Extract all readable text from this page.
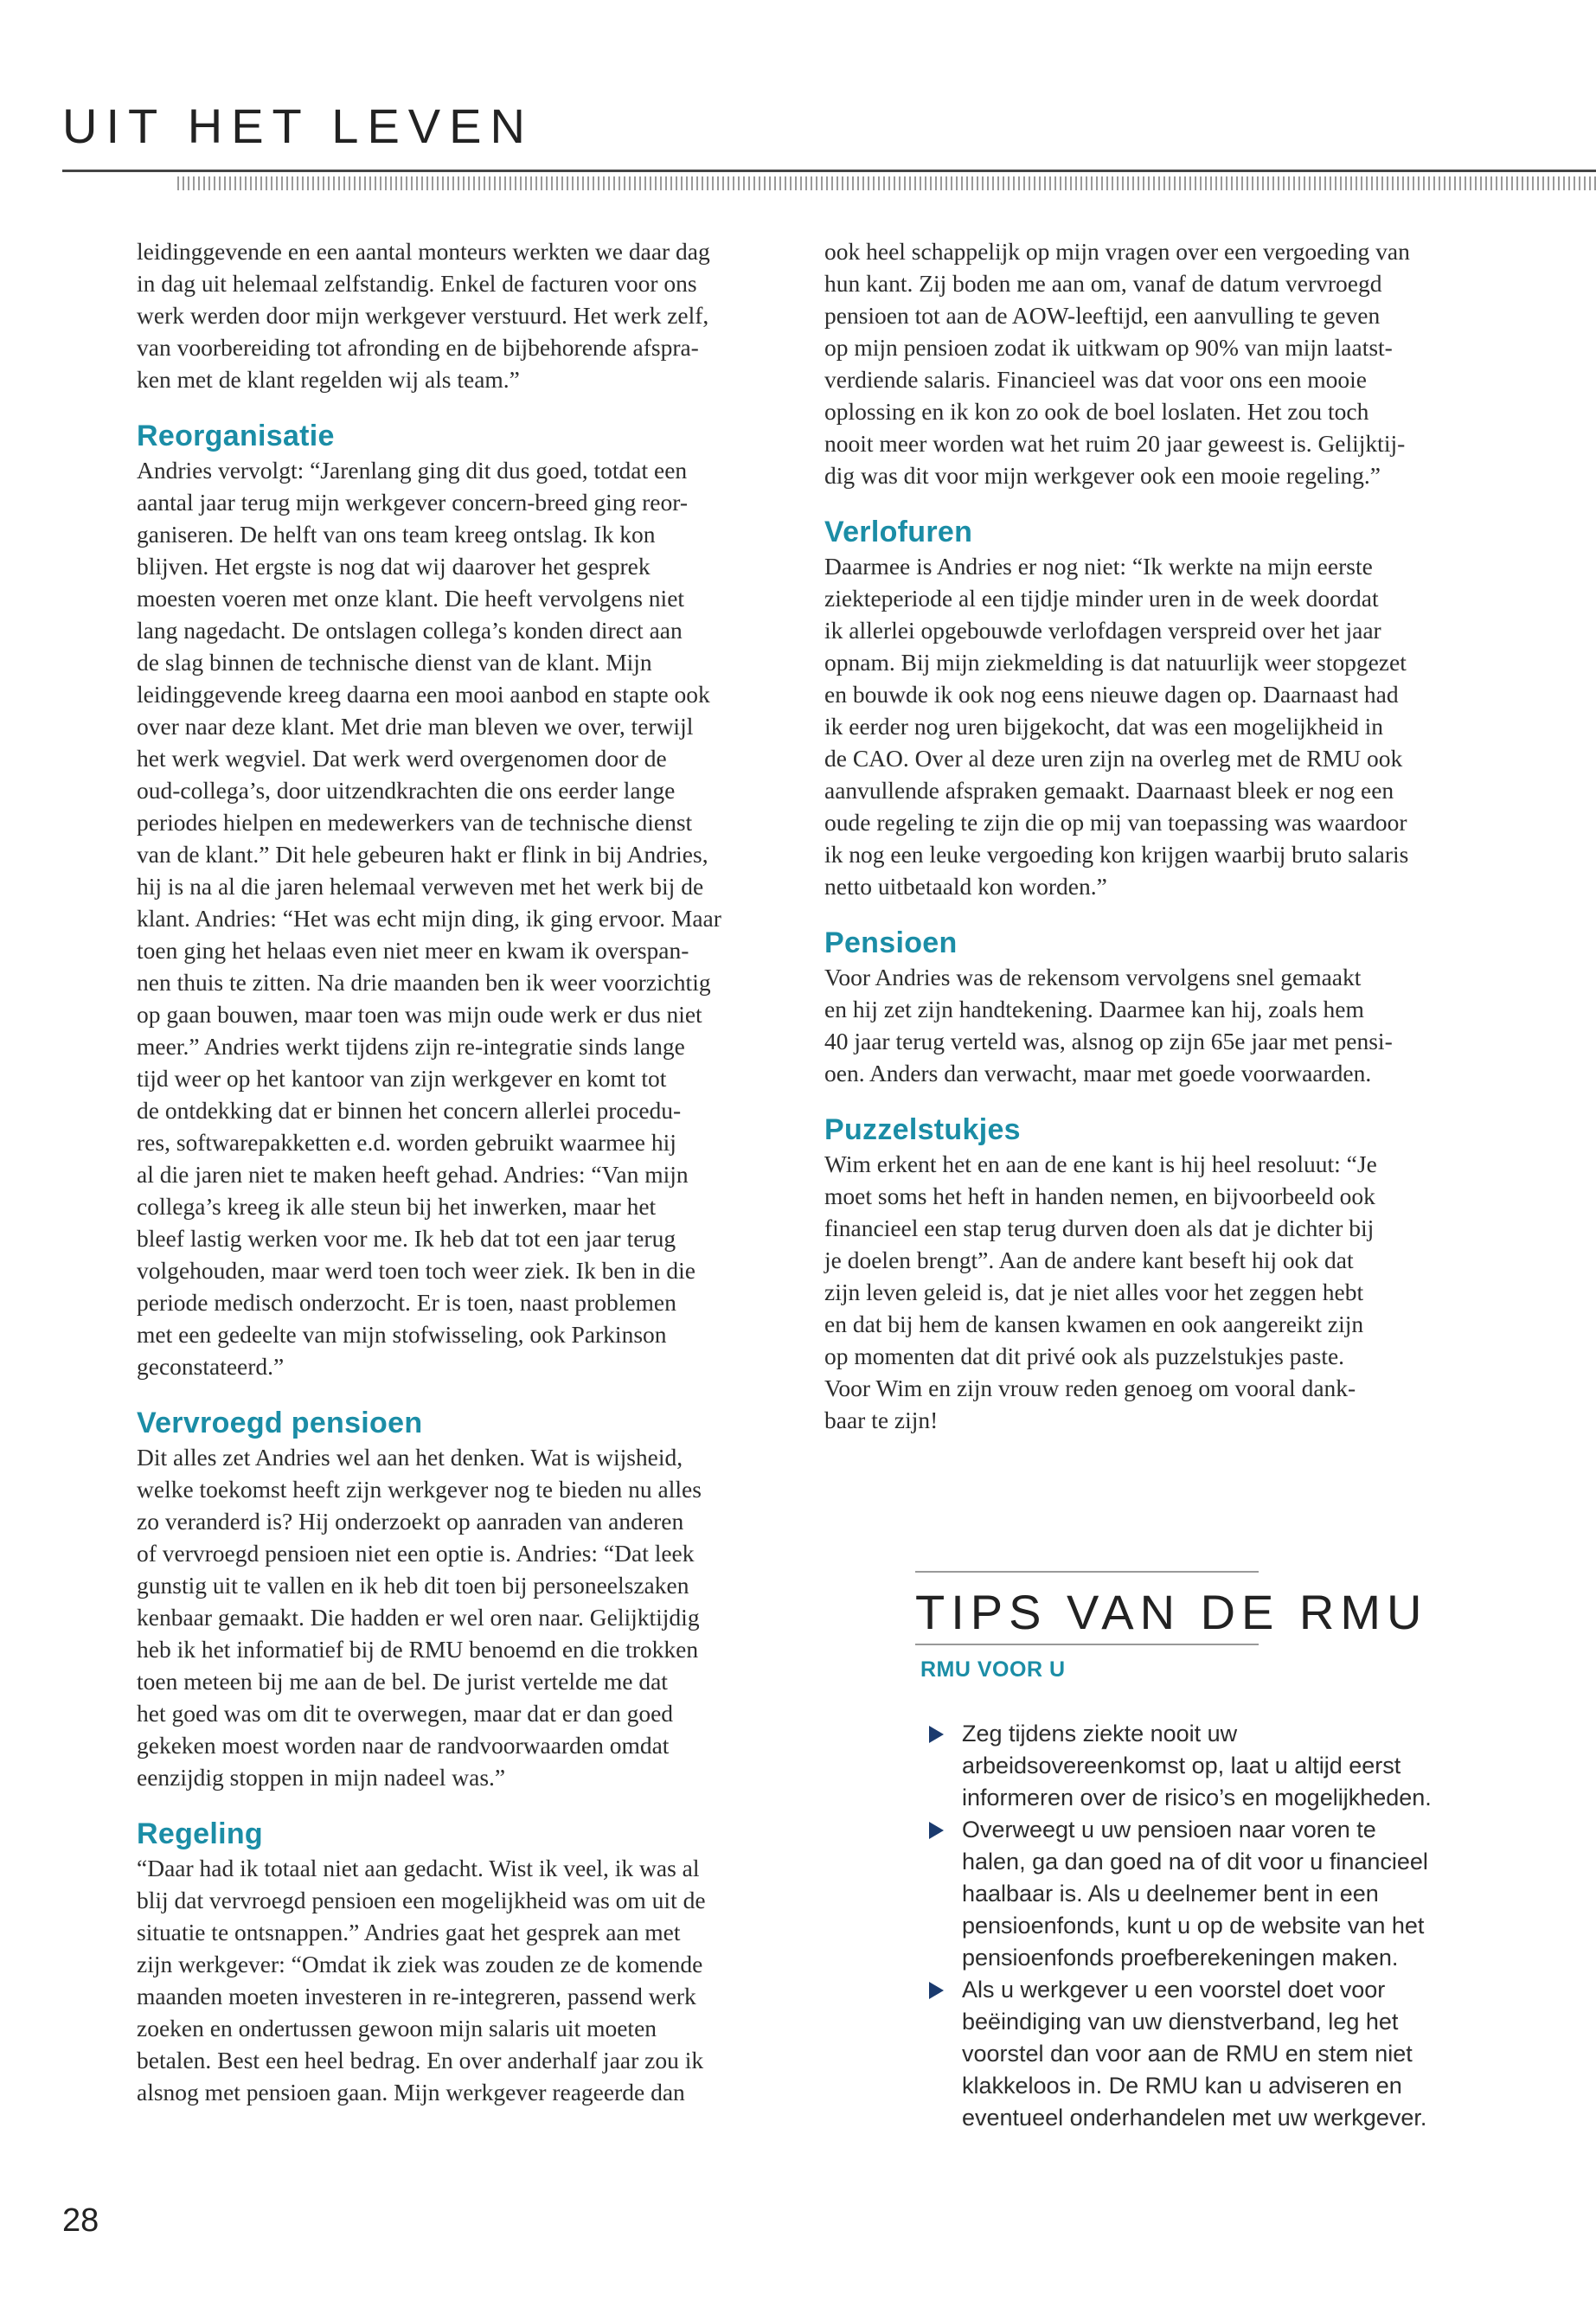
UIT HET LEVEN

leidinggevende en een aantal monteurs werkten we daar dag
in dag uit helemaal zelfstandig. Enkel de facturen voor ons
werk werden door mijn werkgever verstuurd. Het werk zelf,
van voorbereiding tot afronding en de bijbehorende afspra-
ken met de klant regelden wij als team.”

Reorganisatie

Andries vervolgt: “Jarenlang ging dit dus goed, totdat een
aantal jaar terug mijn werkgever concern-breed ging reor-
ganiseren. De helft van ons team kreeg ontslag. Ik kon
blijven. Het ergste is nog dat wij daarover het gesprek
moesten voeren met onze klant. Die heeft vervolgens niet
lang nagedacht. De ontslagen collega’s konden direct aan
de slag binnen de technische dienst van de klant. Mijn
leidinggevende kreeg daarna een mooi aanbod en stapte ook
over naar deze klant. Met drie man bleven we over, terwijl
het werk wegviel. Dat werk werd overgenomen door de
oud-collega’s, door uitzendkrachten die ons eerder lange
periodes hielpen en medewerkers van de technische dienst
van de klant.” Dit hele gebeuren hakt er flink in bij Andries,
hij is na al die jaren helemaal verweven met het werk bij de
klant. Andries: “Het was echt mijn ding, ik ging ervoor. Maar
toen ging het helaas even niet meer en kwam ik overspan-
nen thuis te zitten. Na drie maanden ben ik weer voorzichtig
op gaan bouwen, maar toen was mijn oude werk er dus niet
meer.” Andries werkt tijdens zijn re-integratie sinds lange
tijd weer op het kantoor van zijn werkgever en komt tot
de ontdekking dat er binnen het concern allerlei procedu-
res, softwarepakketten e.d. worden gebruikt waarmee hij
al die jaren niet te maken heeft gehad. Andries: “Van mijn
collega’s kreeg ik alle steun bij het inwerken, maar het
bleef lastig werken voor me. Ik heb dat tot een jaar terug
volgehouden, maar werd toen toch weer ziek. Ik ben in die
periode medisch onderzocht. Er is toen, naast problemen
met een gedeelte van mijn stofwisseling, ook Parkinson
geconstateerd.”

Vervroegd pensioen

Dit alles zet Andries wel aan het denken. Wat is wijsheid,
welke toekomst heeft zijn werkgever nog te bieden nu alles
zo veranderd is? Hij onderzoekt op aanraden van anderen
of vervroegd pensioen niet een optie is. Andries: “Dat leek
gunstig uit te vallen en ik heb dit toen bij personeelszaken
kenbaar gemaakt. Die hadden er wel oren naar. Gelijktijdig
heb ik het informatief bij de RMU benoemd en die trokken
toen meteen bij me aan de bel. De jurist vertelde me dat
het goed was om dit te overwegen, maar dat er dan goed
gekeken moest worden naar de randvoorwaarden omdat
eenzijdig stoppen in mijn nadeel was.”

Regeling

“Daar had ik totaal niet aan gedacht. Wist ik veel, ik was al
blij dat vervroegd pensioen een mogelijkheid was om uit de
situatie te ontsnappen.” Andries gaat het gesprek aan met
zijn werkgever: “Omdat ik ziek was zouden ze de komende
maanden moeten investeren in re-integreren, passend werk
zoeken en ondertussen gewoon mijn salaris uit moeten
betalen. Best een heel bedrag. En over anderhalf jaar zou ik
alsnog met pensioen gaan. Mijn werkgever reageerde dan

ook heel schappelijk op mijn vragen over een vergoeding van
hun kant. Zij boden me aan om, vanaf de datum vervroegd
pensioen tot aan de AOW-leeftijd, een aanvulling te geven
op mijn pensioen zodat ik uitkwam op 90% van mijn laatst-
verdiende salaris. Financieel was dat voor ons een mooie
oplossing en ik kon zo ook de boel loslaten. Het zou toch
nooit meer worden wat het ruim 20 jaar geweest is. Gelijktij-
dig was dit voor mijn werkgever ook een mooie regeling.”

Verlofuren

Daarmee is Andries er nog niet: “Ik werkte na mijn eerste
ziekteperiode al een tijdje minder uren in de week doordat
ik allerlei opgebouwde verlofdagen verspreid over het jaar
opnam. Bij mijn ziekmelding is dat natuurlijk weer stopgezet
en bouwde ik ook nog eens nieuwe dagen op. Daarnaast had
ik eerder nog uren bijgekocht, dat was een mogelijkheid in
de CAO. Over al deze uren zijn na overleg met de RMU ook
aanvullende afspraken gemaakt. Daarnaast bleek er nog een
oude regeling te zijn die op mij van toepassing was waardoor
ik nog een leuke vergoeding kon krijgen waarbij bruto salaris
netto uitbetaald kon worden.”

Pensioen

Voor Andries was de rekensom vervolgens snel gemaakt
en hij zet zijn handtekening. Daarmee kan hij, zoals hem
40 jaar terug verteld was, alsnog op zijn 65e jaar met pensi-
oen. Anders dan verwacht, maar met goede voorwaarden.

Puzzelstukjes

Wim erkent het en aan de ene kant is hij heel resoluut: “Je
moet soms het heft in handen nemen, en bijvoorbeeld ook
financieel een stap terug durven doen als dat je dichter bij
je doelen brengt”. Aan de andere kant beseft hij ook dat
zijn leven geleid is, dat je niet alles voor het zeggen hebt
en dat bij hem de kansen kwamen en ook aangereikt zijn
op momenten dat dit privé ook als puzzelstukjes paste.
Voor Wim en zijn vrouw reden genoeg om vooral dank-
baar te zijn!

TIPS VAN DE RMU
RMU VOOR U
Zeg tijdens ziekte nooit uw
arbeidsovereenkomst op, laat u altijd eerst
informeren over de risico’s en mogelijkheden.
Overweegt u uw pensioen naar voren te
halen, ga dan goed na of dit voor u financieel
haalbaar is. Als u deelnemer bent in een
pensioenfonds, kunt u op de website van het
pensioenfonds proefberekeningen maken.
Als u werkgever u een voorstel doet voor
beëindiging van uw dienstverband, leg het
voorstel dan voor aan de RMU en stem niet
klakkeloos in. De RMU kan u adviseren en
eventueel onderhandelen met uw werkgever.
28
